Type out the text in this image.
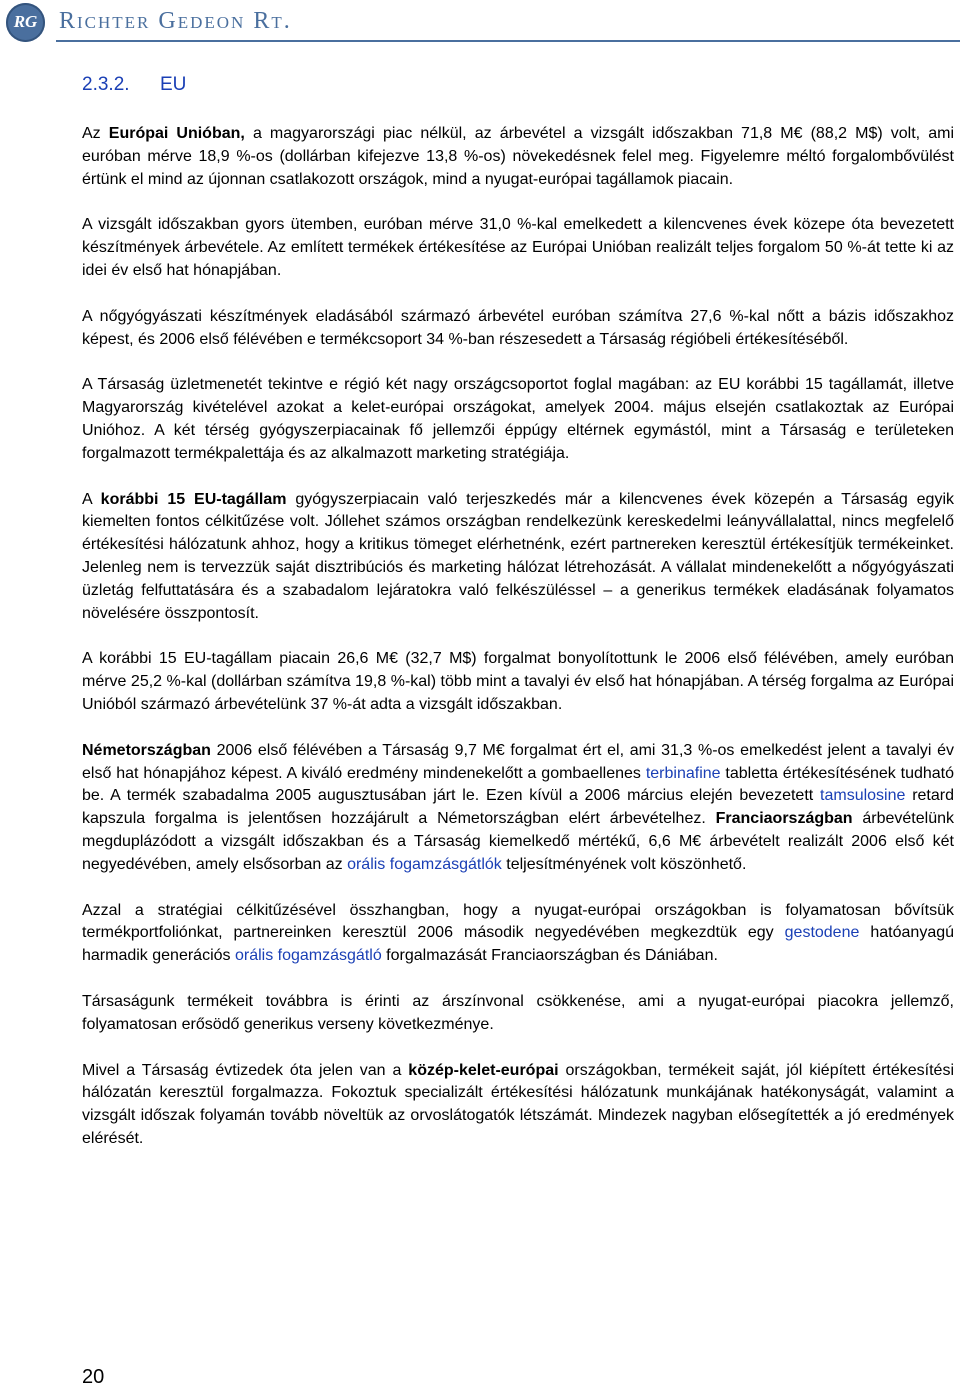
RG Richter Gedeon Rt.
2.3.2. EU

Az Európai Unióban, a magyarországi piac nélkül, az árbevétel a vizsgált időszakban 71,8 M€ (88,2 M$) volt, ami euróban mérve 18,9 %-os (dollárban kifejezve 13,8 %-os) növekedésnek felel meg. Figyelemre méltó forgalombővülést értünk el mind az újonnan csatlakozott országok, mind a nyugat-európai tagállamok piacain.

A vizsgált időszakban gyors ütemben, euróban mérve 31,0 %-kal emelkedett a kilencvenes évek közepe óta bevezetett készítmények árbevétele. Az említett termékek értékesítése az Európai Unióban realizált teljes forgalom 50 %-át tette ki az idei év első hat hónapjában.

A nőgyógyászati készítmények eladásából származó árbevétel euróban számítva 27,6 %-kal nőtt a bázis időszakhoz képest, és 2006 első félévében e termékcsoport 34 %-ban részesedett a Társaság régióbeli értékesítéséből.

A Társaság üzletmenetét tekintve e régió két nagy országcsoportot foglal magában: az EU korábbi 15 tagállamát, illetve Magyarország kivételével azokat a kelet-európai országokat, amelyek 2004. május elsején csatlakoztak az Európai Unióhoz. A két térség gyógyszerpiacainak fő jellemzői éppúgy eltérnek egymástól, mint a Társaság e területeken forgalmazott termékpalettája és az alkalmazott marketing stratégiája.

A korábbi 15 EU-tagállam gyógyszerpiacain való terjeszkedés már a kilencvenes évek közepén a Társaság egyik kiemelten fontos célkitűzése volt. Jóllehet számos országban rendelkezünk kereskedelmi leányvállalattal, nincs megfelelő értékesítési hálózatunk ahhoz, hogy a kritikus tömeget elérhetnénk, ezért partnereken keresztül értékesítjük termékeinket. Jelenleg nem is tervezzük saját disztribúciós és marketing hálózat létrehozását. A vállalat mindenekelőtt a nőgyógyászati üzletág felfuttatására és a szabadalom lejáratokra való felkészüléssel – a generikus termékek eladásának folyamatos növelésére összpontosít.

A korábbi 15 EU-tagállam piacain 26,6 M€ (32,7 M$) forgalmat bonyolítottunk le 2006 első félévében, amely euróban mérve 25,2 %-kal (dollárban számítva 19,8 %-kal) több mint a tavalyi év első hat hónapjában. A térség forgalma az Európai Unióból származó árbevételünk 37 %-át adta a vizsgált időszakban.

Németországban 2006 első félévében a Társaság 9,7 M€ forgalmat ért el, ami 31,3 %-os emelkedést jelent a tavalyi év első hat hónapjához képest. A kiváló eredmény mindenekelőtt a gombaellenes terbinafine tabletta értékesítésének tudható be. A termék szabadalma 2005 augusztusában járt le. Ezen kívül a 2006 március elején bevezetett tamsulosine retard kapszula forgalma is jelentősen hozzájárult a Németországban elért árbevételhez. Franciaországban árbevételünk megduplázódott a vizsgált időszakban és a Társaság kiemelkedő mértékű, 6,6 M€ árbevételt realizált 2006 első két negyedévében, amely elsősorban az orális fogamzásgátlók teljesítményének volt köszönhető.

Azzal a stratégiai célkitűzésével összhangban, hogy a nyugat-európai országokban is folyamatosan bővítsük termékportfoliónkat, partnereinken keresztül 2006 második negyedévében megkezdtük egy gestodene hatóanyagú harmadik generációs orális fogamzásgátló forgalmazását Franciaországban és Dániában.

Társaságunk termékeit továbbra is érinti az árszínvonal csökkenése, ami a nyugat-európai piacokra jellemző, folyamatosan erősödő generikus verseny következménye.

Mivel a Társaság évtizedek óta jelen van a közép-kelet-európai országokban, termékeit saját, jól kiépített értékesítési hálózatán keresztül forgalmazza. Fokoztuk specializált értékesítési hálózatunk munkájának hatékonyságát, valamint a vizsgált időszak folyamán tovább növeltük az orvoslátogatók létszámát. Mindezek nagyban elősegítették a jó eredmények elérését.

20
